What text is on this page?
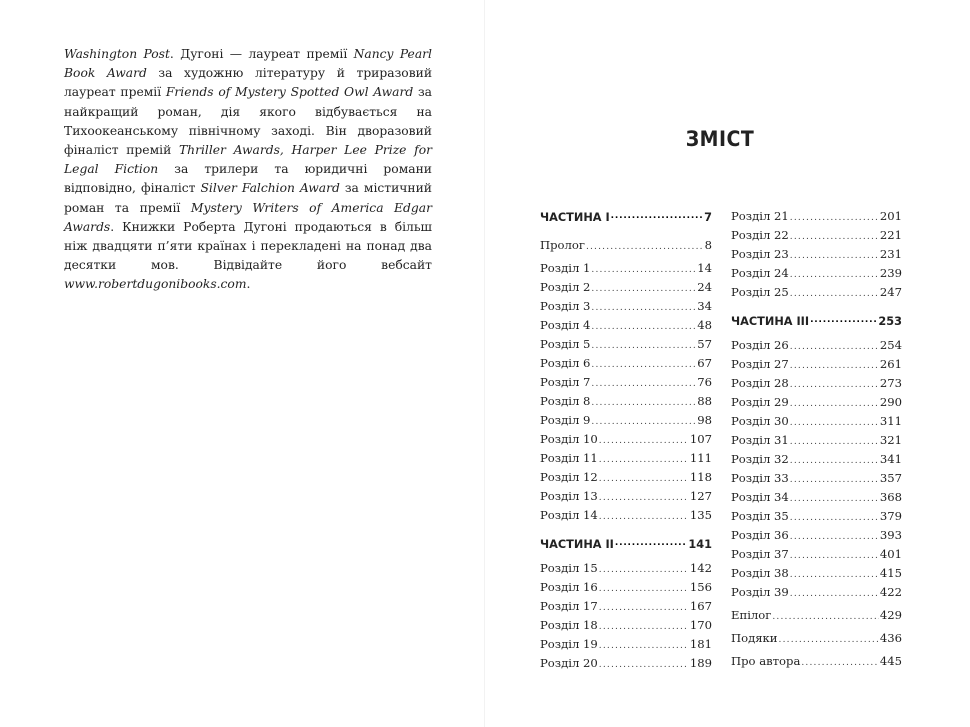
Washington Post. Дугоні — лауреат премії Nancy Pearl Book Award за художню літературу й триразовий лауреат премії Friends of Mystery Spotted Owl Award за найкращий роман, дія якого відбувається на Тихоокеанському північному заході. Він дворазовий фіналіст премій Thriller Awards, Harper Lee Prize for Legal Fiction за трилери та юридичні романи відповідно, фіналіст Silver Falchion Award за містичний роман та премії Mystery Writers of America Edgar Awards. Книжки Роберта Дугоні продаються в більш ніж двадцяти п’яти країнах і перекладені на понад два десятки мов. Відвідайте його вебсайт www.robertdugonibooks.com.
ЗМІСТ
ЧАСТИНА I .....	7
Пролог .....	8
Розділ 1 .....	14
Розділ 2 .....	24
Розділ 3 .....	34
Розділ 4 .....	48
Розділ 5 .....	57
Розділ 6 .....	67
Розділ 7 .....	76
Розділ 8 .....	88
Розділ 9 .....	98
Розділ 10 .....	107
Розділ 11 .....	111
Розділ 12 .....	118
Розділ 13 .....	127
Розділ 14 .....	135
ЧАСТИНА II .....	141
Розділ 15 .....	142
Розділ 16 .....	156
Розділ 17 .....	167
Розділ 18 .....	170
Розділ 19 .....	181
Розділ 20 .....	189
Розділ 21 .....	201
Розділ 22 .....	221
Розділ 23 .....	231
Розділ 24 .....	239
Розділ 25 .....	247
ЧАСТИНА III .....	253
Розділ 26 .....	254
Розділ 27 .....	261
Розділ 28 .....	273
Розділ 29 .....	290
Розділ 30 .....	311
Розділ 31 .....	321
Розділ 32 .....	341
Розділ 33 .....	357
Розділ 34 .....	368
Розділ 35 .....	379
Розділ 36 .....	393
Розділ 37 .....	401
Розділ 38 .....	415
Розділ 39 .....	422
Епілог .....	429
Подяки .....	436
Про автора .....	445
